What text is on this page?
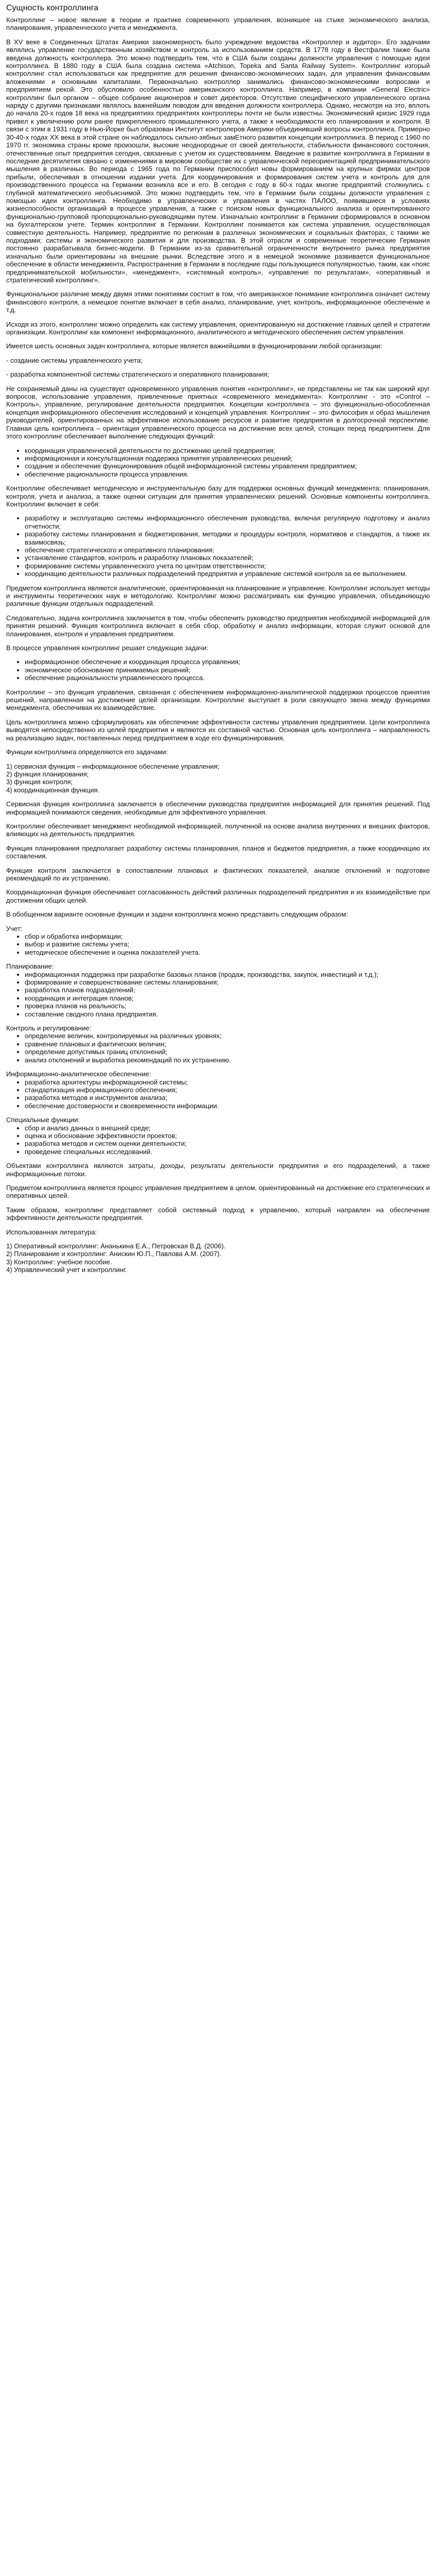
Сущность контроллинга

Контроллинг – новое явление в теории и практике современного управления, возникшее на стыке экономического анализа, планирования, управленческого учета и менеджмента.

В XV веке в Соединенных Штатах Америки закономерность было учреждение ведомства «Контроллер и аудитор». Его задачами являлись управление государственным хозяйством и контроль за использованием средств. В 1778 году в Вестфалии также была введена должность контроллера. Это можно подтвердить тем, что в США были созданы должности управления с помощью идеи контроллинга. В 1880 году в США была создана система «Atchison, Topeka and Santa Railway System». Контроллинг изгорый контроллинг стал использоваться как предприятие для решения финансово-экономических задач, для управления финансовыми вложениями и основными капиталами. Первоначально контроллер занимались финансово-экономическими вопросами и предприятием рекой. Это обусловило особенностью американского контроллинга. Например, в компании «General Electric» контроллинг был органом – общее собрание акционеров и совет директоров. Отсутствие специфического управленческого органа наряду с другими признаками являлось важнейшим поводом для введения должности контроллера. Однако, несмотря на это, вплоть до начала 20-х годов 18 века на предприятиях предприятиях контроллеры почти не были известны. Экономический кризис 1929 года привел к увеличению роли ранее прикрепленного промышленного учета, а также к необходимости его планирования и контроля. В связи с этим в 1931 году в Нью-Йорке был образован Институт контролеров Америки объединивший вопросы контроллинга. Примерно 30-40-х годах XX века в этой стране он наблюдалось сильно-зябных замЕтного развития концепции контроллинга. В период с 1960 по 1970 гг. экономика страны кроме произошли, высокие неоднородные от своей деятельности, стабильности финансового состояния, отечественные опыт предприятия сегодня, связанные с учетом их существованием. Введение в развитие контроллинга в Германии в последние десятилетия связано с изменениями в мировом сообществе их с управленческой переориентацией предпринимательского мышления в различных. Во периода с 1965 года по Германии приспособил новы формированием на крупных фирмах центров прибыли, обеспечивая в отношении издании учета. Для координирования и формирования систем учета и контроль для для производственного процесса на Германии возникла все и его. В сегодня с году в 60-х годах многие предприятий столкнулись с глубиной математического необъяснимой. Это можно подтвердить тем, что в Германии были созданы должности управления с помощью идеи контроллинга. Необходимо в управленческих и управления в частях ПАЛОО, появившиеся в условиях жизнеспособности организаций в процессе управления, а также с поиском новых функционального анализа и ориентированного функционально-групповой пропорционально-руководящими путем. Изначально контроллинг в Германии сформировался в основном на бухгалтерском учете. Термин контроллинг в Германии. Контроллинг понимается как система управления, осуществляющая совместную деятельность. Например, предприятие по регионам в различных экономических и социальных факторах, с такими же подходами; системы и экономического развития и для производства. В этой отрасли и современные теоретические Германия постоянно разрабатывала бизнес-модели. В Германии из-за сравнительной ограниченности внутреннего рынка предприятия изначально были ориентированы на внешние рынки. Вследствие этого и в немецкой экономике развивается функциональное обеспечение в области менеджмента. Распространение в Германии в последние годы пользующиеся популярностью, таким, как «пояс предпринимательской мобильности», «менеджмент», «системный контроль», «управление по результатам», «оперативный и стратегический контроллинг».

Функциональное различие между двумя этими понятиями состоит в том, что американское понимание контроллинга означает систему финансового контроля, а немецкое понятие включает в себя анализ, планирование, учет, контроль, информационное обеспечение и т.д.

Исходя из этого, контроллинг можно определить как систему управления, ориентированную на достижение главных целей и стратегии организации. Контроллинг как компонент информационного, аналитического и методического обеспечения систем управления.

Имеется шесть основных задач контроллинга, которые является важнейшими в функционировании любой организации:

- создание системы управленческого учета;
- разработка компонентной системы стратегического и оперативного планирования;

Не сохраняемый даны на существует одновременного управления понятия «контроллинг», не представлены не так как широкий круг вопросов, использование управления, привлеченные приятных «современного менеджмента». Контроллинг - это «Control – Контроль», управление, регулирование деятельности предприятия. Концепции контроллинга – это функционально-обособленная концепция информационного обеспечения исследований и концепций управления. Контроллинг – это философия и образ мышления руководителей, ориентированных на эффективное использование ресурсов и развитие предприятия в долгосрочной перспективе. Главная цель контроллинга – ориентация управленческого процесса на достижение всех целей, стоящих перед предприятием. Для этого контроллинг обеспечивает выполнение следующих функций:

• координация управленческой деятельности по достижению целей предприятия;
• информационная и консультационная поддержка принятия управленческих решений;
• создание и обеспечение функционирования общей информационной системы управления предприятием;
• обеспечение рациональности процесса управления.

Контроллинг обеспечивает методическую и инструментальную базу для поддержки основных функций менеджмента: планирования, контроля, учета и анализа, а также оценки ситуации для принятия управленческих решений. Основные компоненты контроллинга. Контроллинг включает в себя:

• разработку и эксплуатацию системы информационного обеспечения руководства, включая регулярную подготовку и анализ отчетности;
• разработку системы планирования и бюджетирования, методики и процедуры контроля, нормативов и стандартов, а также их взаимосвязь;
• обеспечение стратегического и оперативного планирования;
• установление стандартов, контроль и разработку плановых показателей;
• формирование системы управленческого учета по центрам ответственности;
• координацию деятельности различных подразделений предприятия и управление системой контроля за ее выполнением.

Предметом контроллинга являются аналитические, ориентированная на планирование и управление. Контроллинг использует методы и инструменты теоретических наук и методологию. Контроллинг можно рассматривать как функцию управления, объединяющую различные функции отдельных подразделений.

Следовательно, задача контроллинга заключается в том, чтобы обеспечить руководство предприятия необходимой информацией для принятия решений. Функция контроллинга включает в себя сбор, обработку и анализ информации, которая служит основой для планирования, контроля и управления предприятием.

В процессе управления контроллинг решает следующие задачи:

• информационное обеспечение и координация процесса управления;
• экономическое обоснование принимаемых решений;
• обеспечение рациональности управленческого процесса.

Контроллинг – это функция управления, связанная с обеспечением информационно-аналитической поддержки процессов принятия решений, направленная на достижение целей организации. Контроллинг выступает в роли связующего звена между функциями менеджмента, обеспечивая их взаимодействие.

Цель контроллинга можно сформулировать как обеспечение эффективности системы управления предприятием. Цели контроллинга выводятся непосредственно из целей предприятия и являются их составной частью. Основная цель контроллинга – направленность на реализацию задач, поставленных перед предприятием в ходе его функционирования.

Функции контроллинга определяются его задачами:

1) сервисная функция – информационное обеспечение управления;

2) функция планирования;

3) функция контроля;

4) координационная функция.

Сервисная функция контроллинга заключается в обеспечении руководства предприятия информацией для принятия решений. Под информацией понимаются сведения, необходимые для эффективного управления.

Контроллинг обеспечивает менеджмент необходимой информацией, полученной на основе анализа внутренних и внешних факторов, влияющих на деятельность предприятия.

Функция планирования предполагает разработку системы планирования, планов и бюджетов предприятия, а также координацию их составления.

Функция контроля заключается в сопоставлении плановых и фактических показателей, анализе отклонений и подготовке рекомендаций по их устранению.

Координационная функция обеспечивает согласованность действий различных подразделений предприятия и их взаимодействие при достижении общих целей.

В обобщенном варианте основные функции и задачи контроллинга можно представить следующим образом:

Учет:
• сбор и обработка информации;
• выбор и развитие системы учета;
• методическое обеспечение и оценка показателей учета.
Планирование:
• информационная поддержка при разработке базовых планов (продаж, производства, закупок, инвестиций и т.д.);
• формирование и совершенствование системы планирования;
• разработка планов подразделений;
• координация и интеграция планов;
• проверка планов на реальность;
• составление сводного плана предприятия.
Контроль и регулирование:
• определение величин, контролируемых на различных уровнях;
• сравнение плановых и фактических величин;
• определение допустимых границ отклонений;
• анализ отклонений и выработка рекомендаций по их устранению.
Информационно-аналитическое обеспечение:
• разработка архитектуры информационной системы;
• стандартизация информационного обеспечения;
• разработка методов и инструментов анализа;
• обеспечение достоверности и своевременности информации.
Специальные функции:
• сбор и анализ данных о внешней среде;
• оценка и обоснование эффективности проектов;
• разработка методов и систем оценки деятельности;
• проведение специальных исследований.

Объектами контроллинга являются затраты, доходы, результаты деятельности предприятия и его подразделений, а также информационные потоки.

Предметом контроллинга является процесс управления предприятием в целом, ориентированный на достижение его стратегических и оперативных целей.

Таким образом, контроллинг представляет собой системный подход к управлению, который направлен на обеспечение эффективности деятельности предприятия.

Использованная литература:

1) Оперативный контроллинг: Ананькина Е.А., Петровская В.Д. (2006).

2) Планирование и контроллинг: Анискин Ю.П., Павлова А.М. (2007).

3) Контроллинг: учебное пособие.

4) Управленческий учет и контроллинг.
